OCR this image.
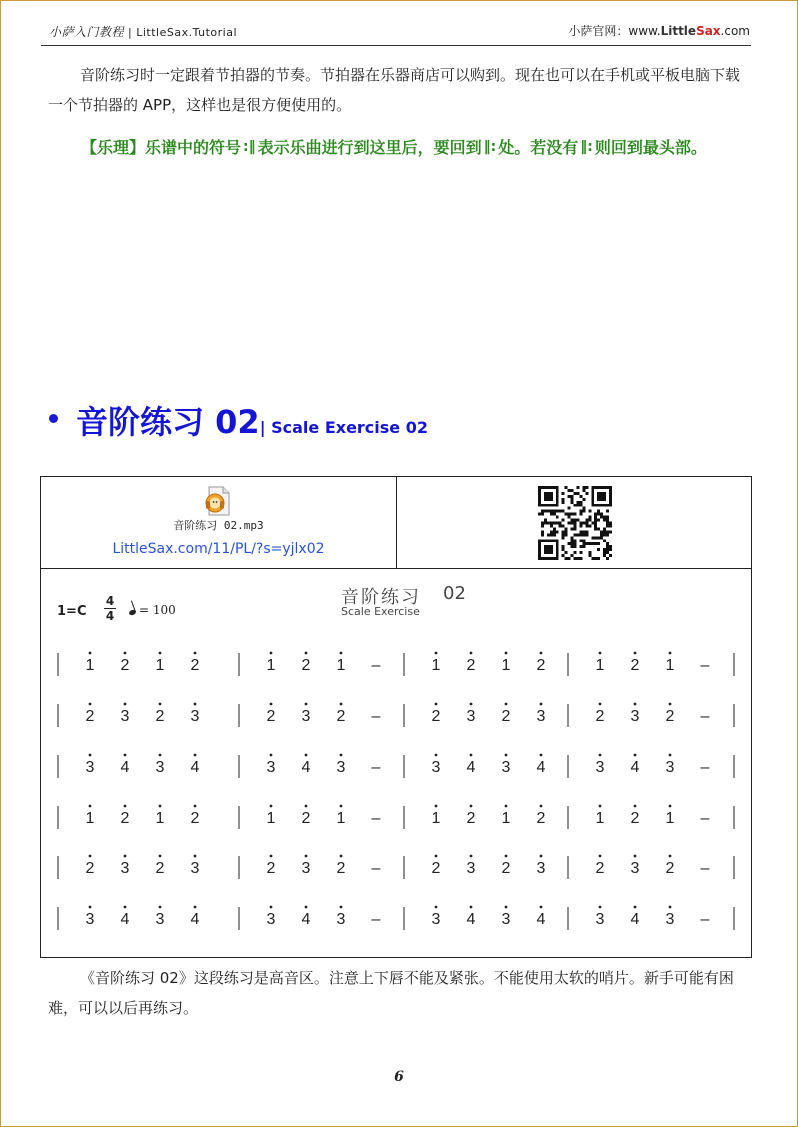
小萨入门教程 | LittleSax.Tutorial	小萨官网：www.LittleSax.com
音阶练习时一定跟着节拍器的节奏。节拍器在乐器商店可以购到。现在也可以在手机或平板电脑下载一个节拍器的 APP，这样也是很方便使用的。
【乐理】乐谱中的符号 :‖ 表示乐曲进行到这里后，要回到 ‖: 处。若没有 ‖: 则回到最头部。
音阶练习 02| Scale Exercise 02
音阶练习 02.mp3
LittleSax.com/11/PL/?s=yjlx02
音阶练习 02
Scale Exercise
1=C
4
4	= 100
1 2 1 2	1 2 1 –	1 2 1 2	1 2 1 –
2 3 2 3	2 3 2 –	2 3 2 3	2 3 2 –
3 4 3 4	3 4 3 –	3 4 3 4	3 4 3 –
1 2 1 2	1 2 1 –	1 2 1 2	1 2 1 –
2 3 2 3	2 3 2 –	2 3 2 3	2 3 2 –
3 4 3 4	3 4 3 –	3 4 3 4	3 4 3 –
《音阶练习 02》这段练习是高音区。注意上下唇不能及紧张。不能使用太软的哨片。新手可能有困难，可以以后再练习。
6
